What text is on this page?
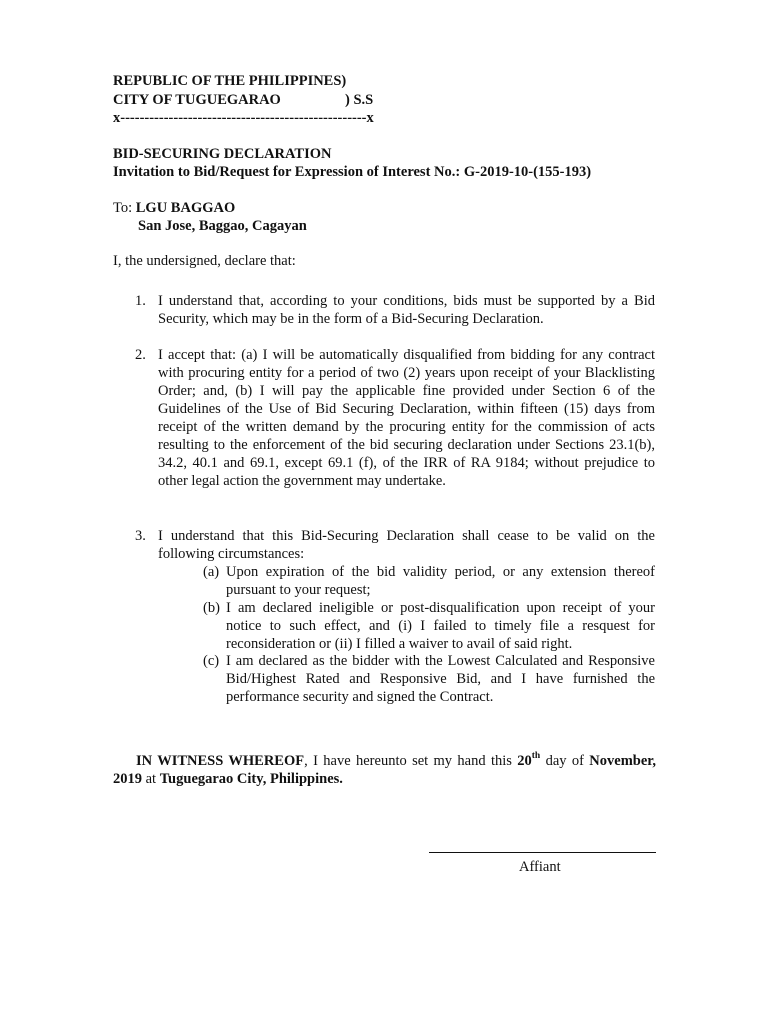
REPUBLIC OF THE PHILIPPINES)
CITY OF TUGUEGARAO	) S.S
x---------------------------------------------------x
BID-SECURING DECLARATION
Invitation to Bid/Request for Expression of Interest No.: G-2019-10-(155-193)
To: LGU BAGGAO
San Jose, Baggao, Cagayan
I, the undersigned, declare that:
1. I understand that, according to your conditions, bids must be supported by a Bid Security, which may be in the form of a Bid-Securing Declaration.
2. I accept that: (a) I will be automatically disqualified from bidding for any contract with procuring entity for a period of two (2) years upon receipt of your Blacklisting Order; and, (b) I will pay the applicable fine provided under Section 6 of the Guidelines of the Use of Bid Securing Declaration, within fifteen (15) days from receipt of the written demand by the procuring entity for the commission of acts resulting to the enforcement of the bid securing declaration under Sections 23.1(b), 34.2, 40.1 and 69.1, except 69.1 (f), of the IRR of RA 9184; without prejudice to other legal action the government may undertake.
3. I understand that this Bid-Securing Declaration shall cease to be valid on the following circumstances:
(a) Upon expiration of the bid validity period, or any extension thereof pursuant to your request;
(b) I am declared ineligible or post-disqualification upon receipt of your notice to such effect, and (i) I failed to timely file a resquest for reconsideration or (ii) I filled a waiver to avail of said right.
(c) I am declared as the bidder with the Lowest Calculated and Responsive Bid/Highest Rated and Responsive Bid, and I have furnished the performance security and signed the Contract.
IN WITNESS WHEREOF, I have hereunto set my hand this 20th day of November, 2019 at Tuguegarao City, Philippines.
Affiant
